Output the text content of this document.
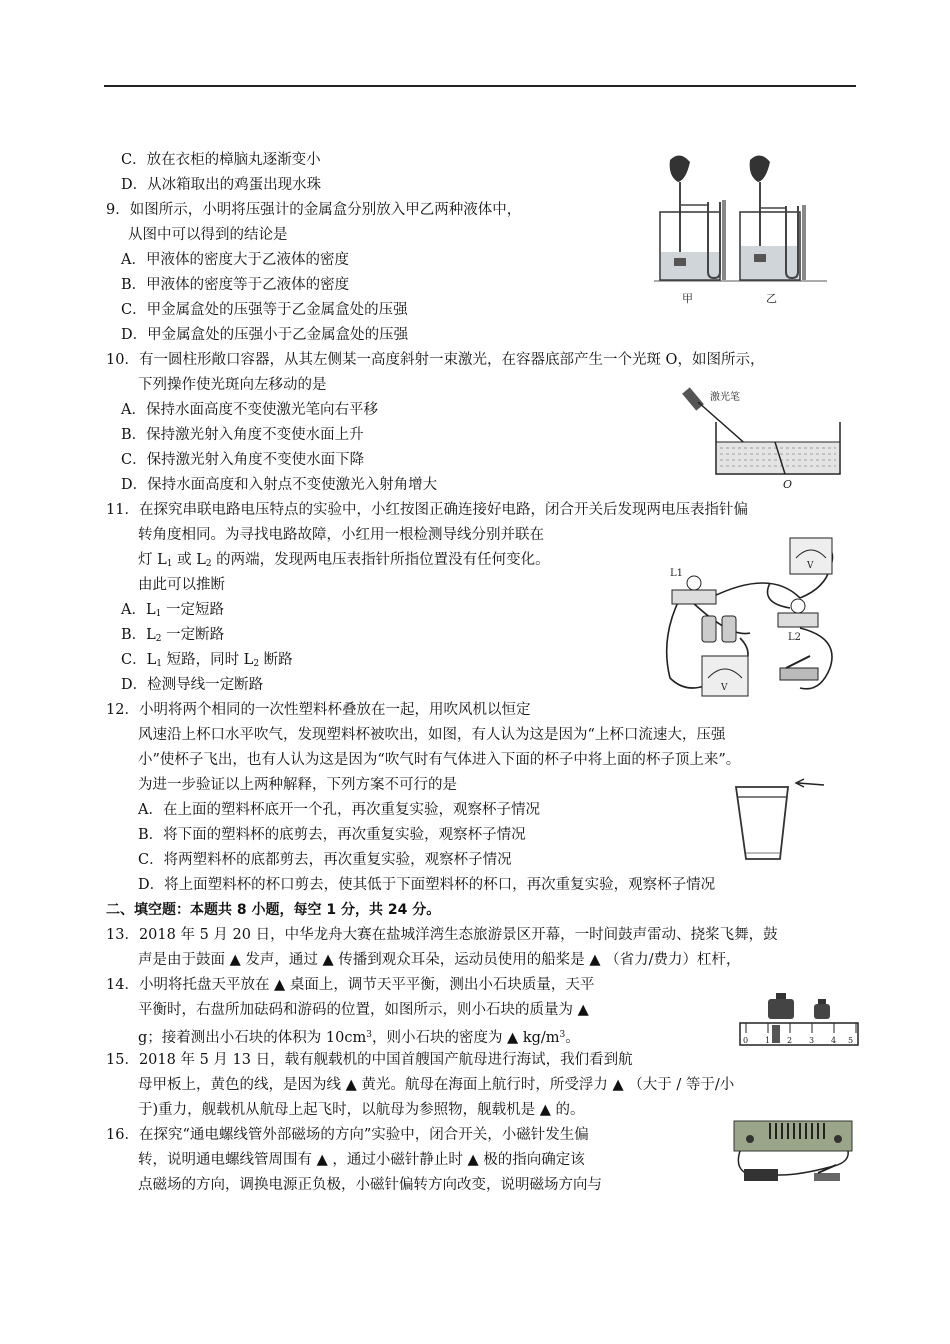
C．放在衣柜的樟脑丸逐渐变小
D．从冰箱取出的鸡蛋出现水珠
9．如图所示，小明将压强计的金属盒分别放入甲乙两种液体中，
从图中可以得到的结论是
A．甲液体的密度大于乙液体的密度
B．甲液体的密度等于乙液体的密度
C．甲金属盒处的压强等于乙金属盒处的压强
D．甲金属盒处的压强小于乙金属盒处的压强
甲	乙
10．有一圆柱形敞口容器，从其左侧某一高度斜射一束激光，在容器底部产生一个光斑 O，如图所示，
下列操作使光斑向左移动的是
A．保持水面高度不变使激光笔向右平移
B．保持激光射入角度不变使水面上升
C．保持激光射入角度不变使水面下降
D．保持水面高度和入射点不变使激光入射角增大
激光笔
O
11．在探究串联电路电压特点的实验中，小红按图正确连接好电路，闭合开关后发现两电压表指针偏
转角度相同。为寻找电路故障，小红用一根检测导线分别并联在
灯 $L_1$ 或 $L_2$ 的两端，发现两电压表指针所指位置没有任何变化。
由此可以推断
A．$L_1$ 一定短路
B．$L_2$ 一定断路
C．$L_1$ 短路，同时 $L_2$ 断路
D．检测导线一定断路
L1
L2
V
V
12．小明将两个相同的一次性塑料杯叠放在一起，用吹风机以恒定
风速沿上杯口水平吹气，发现塑料杯被吹出，如图，有人认为这是因为“上杯口流速大，压强
小”使杯子飞出，也有人认为这是因为“吹气时有气体进入下面的杯子中将上面的杯子顶上来”。
为进一步验证以上两种解释，下列方案不可行的是
A．在上面的塑料杯底开一个孔，再次重复实验，观察杯子情况
B．将下面的塑料杯的底剪去，再次重复实验，观察杯子情况
C．将两塑料杯的底都剪去，再次重复实验，观察杯子情况
D．将上面塑料杯的杯口剪去，使其低于下面塑料杯的杯口，再次重复实验，观察杯子情况
二、填空题：本题共 8 小题，每空 1 分，共 24 分。
13．2018 年 5 月 20 日，中华龙舟大赛在盐城洋湾生态旅游景区开幕，一时间鼓声雷动、挠桨飞舞，鼓
声是由于鼓面 ▲ 发声，通过 ▲ 传播到观众耳朵，运动员使用的船桨是 ▲ （省力/费力）杠杆，
14．小明将托盘天平放在 ▲ 桌面上，调节天平平衡，测出小石块质量，天平
平衡时，右盘所加砝码和游码的位置，如图所示，则小石块的质量为 ▲
g；接着测出小石块的体积为 $10cm^3$，则小石块的密度为 ▲ $kg/m^3$。	0 1 2 3 4 5
15．2018 年 5 月 13 日，载有舰载机的中国首艘国产航母进行海试，我们看到航
母甲板上，黄色的线，是因为线 ▲ 黄光。航母在海面上航行时，所受浮力 ▲ （大于 / 等于/小
于)重力，舰载机从航母上起飞时，以航母为参照物，舰载机是 ▲ 的。
16．在探究“通电螺线管外部磁场的方向”实验中，闭合开关，小磁针发生偏
转，说明通电螺线管周围有 ▲ ，通过小磁针静止时 ▲ 极的指向确定该
点磁场的方向，调换电源正负极，小磁针偏转方向改变，说明磁场方向与
